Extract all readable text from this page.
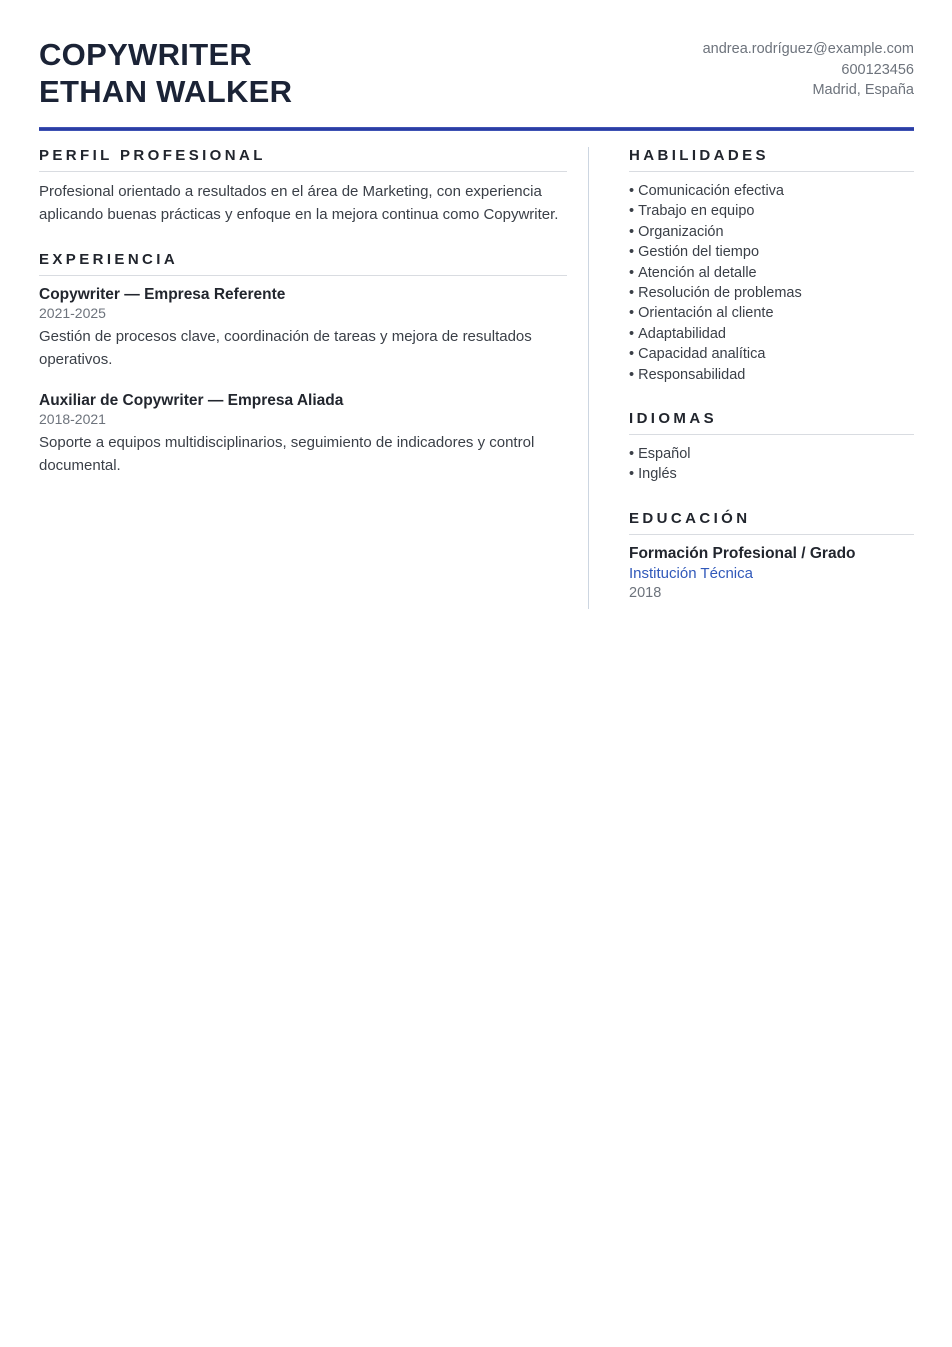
COPYWRITER
ETHAN WALKER
andrea.rodríguez@example.com
600123456
Madrid, España
PERFIL PROFESIONAL

Profesional orientado a resultados en el área de Marketing, con experiencia aplicando buenas prácticas y enfoque en la mejora continua como Copywriter.

EXPERIENCIA
Copywriter — Empresa Referente
2021-2025

Gestión de procesos clave, coordinación de tareas y mejora de resultados operativos.

Auxiliar de Copywriter — Empresa Aliada
2018-2021

Soporte a equipos multidisciplinarios, seguimiento de indicadores y control documental.

HABILIDADES
• Comunicación efectiva
• Trabajo en equipo
• Organización
• Gestión del tiempo
• Atención al detalle
• Resolución de problemas
• Orientación al cliente
• Adaptabilidad
• Capacidad analítica
• Responsabilidad
IDIOMAS
• Español
• Inglés
EDUCACIÓN
Formación Profesional / Grado
Institución Técnica
2018
